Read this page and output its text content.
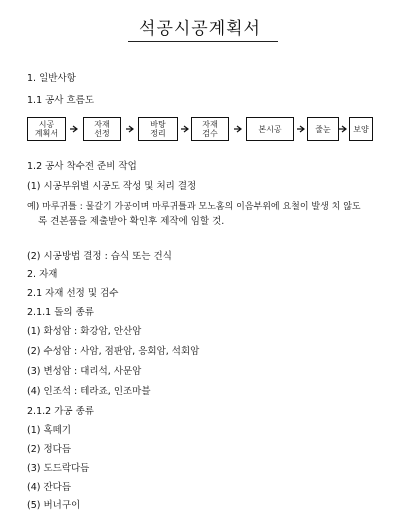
석공시공계획서
1. 일반사항
1.1 공사 흐름도
시공
계획서
자재
선정
바탕
정리
자재
검수	본시공	줄눈	보양
1.2 공사 착수전 준비 작업
(1) 시공부위별 시공도 작성 및 처리 결정
예) 마루귀틀 : 물갈기 가공이며 마루귀틀과 모노홈의 이음부위에 요철이 발생 치 않도
록 견본품을 제출받아 확인후 제작에 임할 것.
(2) 시공방법 결정 : 습식 또는 건식
2. 자재
2.1 자재 선정 및 검수
2.1.1 돌의 종류
(1) 화성암 : 화강암, 안산암
(2) 수성암 : 사암, 점판암, 응회암, 석회암
(3) 변성암 : 대리석, 사문암
(4) 인조석 : 테라죠, 인조마블
2.1.2 가공 종류
(1) 혹떼기
(2) 정다듬
(3) 도드락다듬
(4) 잔다듬
(5) 버너구이
